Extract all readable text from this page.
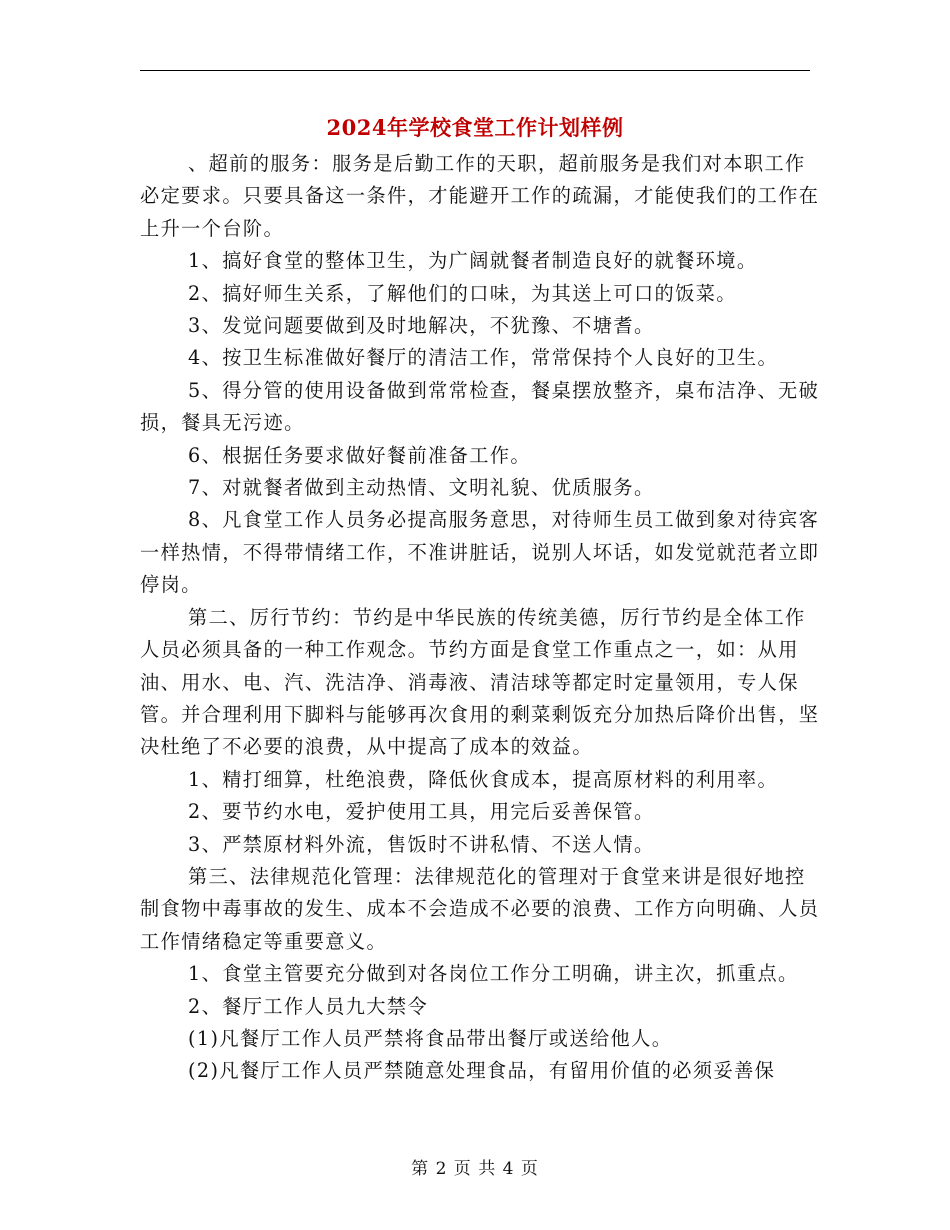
2024年学校食堂工作计划样例

、超前的服务：服务是后勤工作的天职，超前服务是我们对本职工作必定要求。只要具备这一条件，才能避开工作的疏漏，才能使我们的工作在上升一个台阶。

1、搞好食堂的整体卫生，为广阔就餐者制造良好的就餐环境。

2、搞好师生关系，了解他们的口味，为其送上可口的饭菜。

3、发觉问题要做到及时地解决，不犹豫、不塘耆。

4、按卫生标准做好餐厅的清洁工作，常常保持个人良好的卫生。

5、得分管的使用设备做到常常检查，餐桌摆放整齐，桌布洁净、无破损，餐具无污迹。

6、根据任务要求做好餐前准备工作。

7、对就餐者做到主动热情、文明礼貌、优质服务。

8、凡食堂工作人员务必提高服务意思，对待师生员工做到象对待宾客一样热情，不得带情绪工作，不准讲脏话，说别人坏话，如发觉就范者立即停岗。

第二、厉行节约：节约是中华民族的传统美德，厉行节约是全体工作人员必须具备的一种工作观念。节约方面是食堂工作重点之一，如：从用油、用水、电、汽、洗洁净、消毒液、清洁球等都定时定量领用，专人保管。并合理利用下脚料与能够再次食用的剩菜剩饭充分加热后降价出售，坚决杜绝了不必要的浪费，从中提高了成本的效益。

1、精打细算，杜绝浪费，降低伙食成本，提高原材料的利用率。

2、要节约水电，爱护使用工具，用完后妥善保管。

3、严禁原材料外流，售饭时不讲私情、不送人情。

第三、法律规范化管理：法律规范化的管理对于食堂来讲是很好地控制食物中毒事故的发生、成本不会造成不必要的浪费、工作方向明确、人员工作情绪稳定等重要意义。

1、食堂主管要充分做到对各岗位工作分工明确，讲主次，抓重点。

2、餐厅工作人员九大禁令

(1)凡餐厅工作人员严禁将食品带出餐厅或送给他人。

(2)凡餐厅工作人员严禁随意处理食品，有留用价值的必须妥善保

第 2 页 共 4 页
